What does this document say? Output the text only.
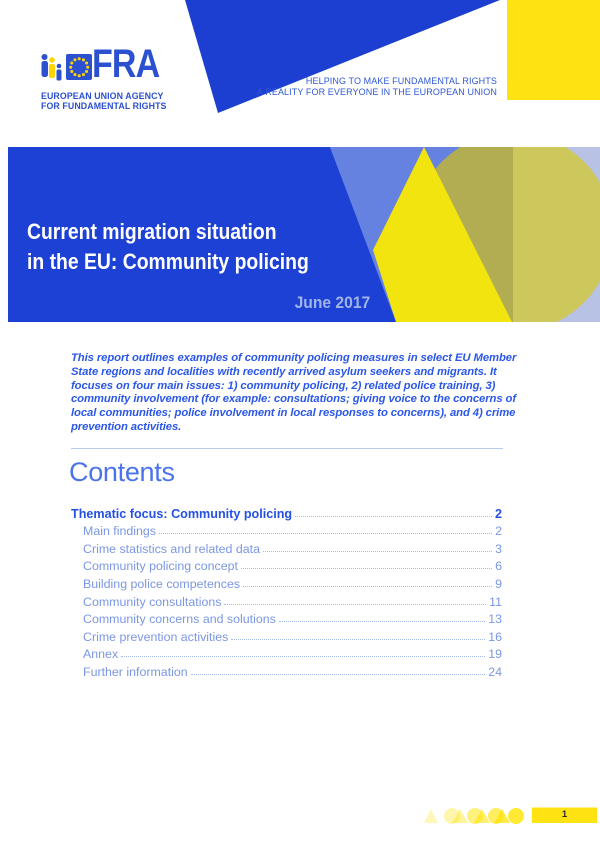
FRA
EUROPEAN UNION AGENCY
FOR FUNDAMENTAL RIGHTS
HELPING TO MAKE FUNDAMENTAL RIGHTS
A REALITY FOR EVERYONE IN THE EUROPEAN UNION
Current migration situation
in the EU: Community policing
June 2017

This report outlines examples of community policing measures in select EU Member State regions and localities with recently arrived asylum seekers and migrants. It focuses on four main issues: 1) community policing, 2) related police training, 3) community involvement (for example: consultations; giving voice to the concerns of local communities; police involvement in local responses to concerns), and 4) crime prevention activities.

Contents
Thematic focus: Community policing	2
Main findings	2
Crime statistics and related data	3
Community policing concept	6
Building police competences	9
Community consultations	11
Community concerns and solutions	13
Crime prevention activities	16
Annex	19
Further information	24
1
